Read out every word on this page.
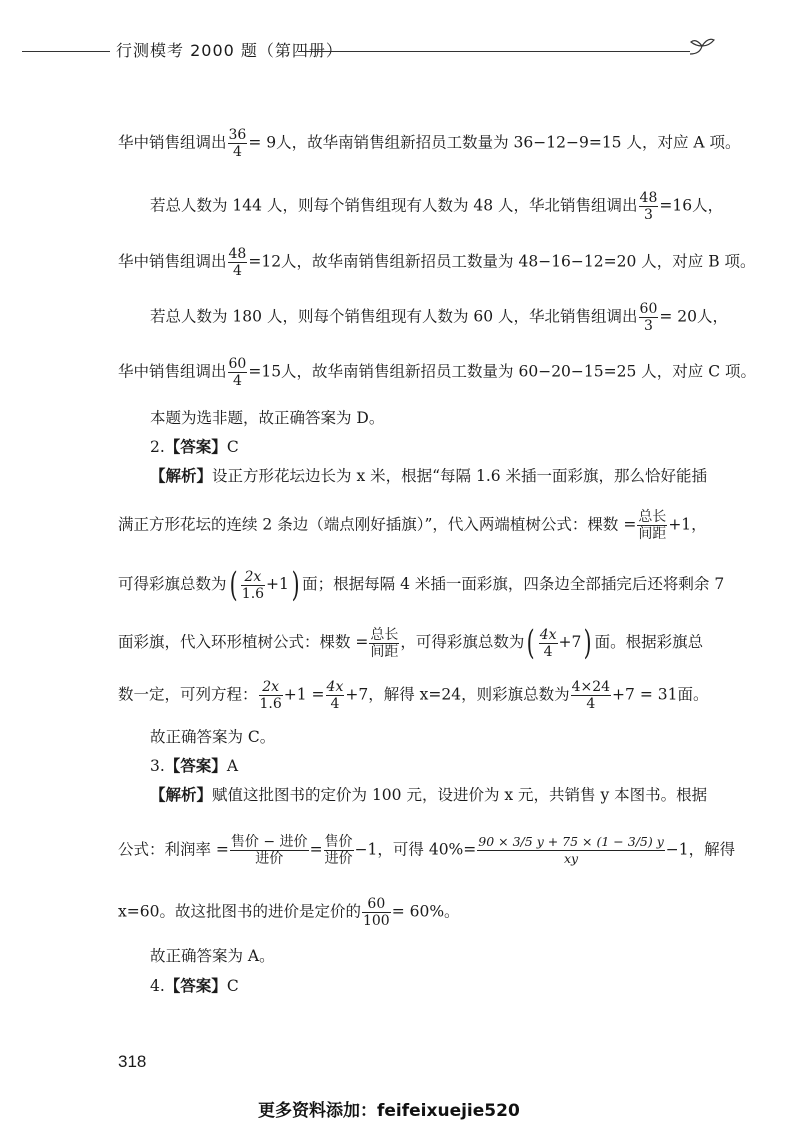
行测模考 2000 题（第四册）
华中销售组调出 $\frac{36}{4} = 9$人，故华南销售组新招员工数量为 36−12−9=15 人，对应 A 项。
若总人数为 144 人，则每个销售组现有人数为 48 人，华北销售组调出 $\frac{48}{3} =16$人，
华中销售组调出 $\frac{48}{4} =12$人，故华南销售组新招员工数量为 48−16−12=20 人，对应 B 项。
若总人数为 180 人，则每个销售组现有人数为 60 人，华北销售组调出 $\frac{60}{3} = 20$人，
华中销售组调出 $\frac{60}{4} =15$人，故华南销售组新招员工数量为 60−20−15=25 人，对应 C 项。
本题为选非题，故正确答案为 D。
2.【答案】C
【解析】设正方形花坛边长为 x 米，根据“每隔 1.6 米插一面彩旗，那么恰好能插
满正方形花坛的连续 2 条边（端点刚好插旗）”，代入两端植树公式：棵数 = $\frac{\text{总长}}{\text{间距}} +1$，
可得彩旗总数为( $\frac{2x}{1.6} +1$) 面；根据每隔 4 米插一面彩旗，四条边全部插完后还将剩余 7
面彩旗，代入环形植树公式：棵数 = $\frac{\text{总长}}{\text{间距}}$ ，可得彩旗总数为( $\frac{4x}{4} +7$) 面。根据彩旗总
数一定，可列方程： $\frac{2x}{1.6} +1 = \frac{4x}{4} +7$，解得 x=24，则彩旗总数为 $\frac{4\times 24}{4} +7 = 31$面。
故正确答案为 C。
3.【答案】A
【解析】赋值这批图书的定价为 100 元，设进价为 x 元，共销售 y 本图书。根据
公式：利润率 = $\frac{\text{售价 − 进价}}{\text{进价}} = \frac{\text{售价}}{\text{进价}} -1$，可得 $40\%= \frac{90 \times 3/5 y + 75 \times (1 - 3/5) y}{xy} -1$，解得
x=60。故这批图书的进价是定价的 $\frac{60}{100} = 60\%$。
故正确答案为 A。
4.【答案】C
318
更多资料添加：feifeixuejie520
